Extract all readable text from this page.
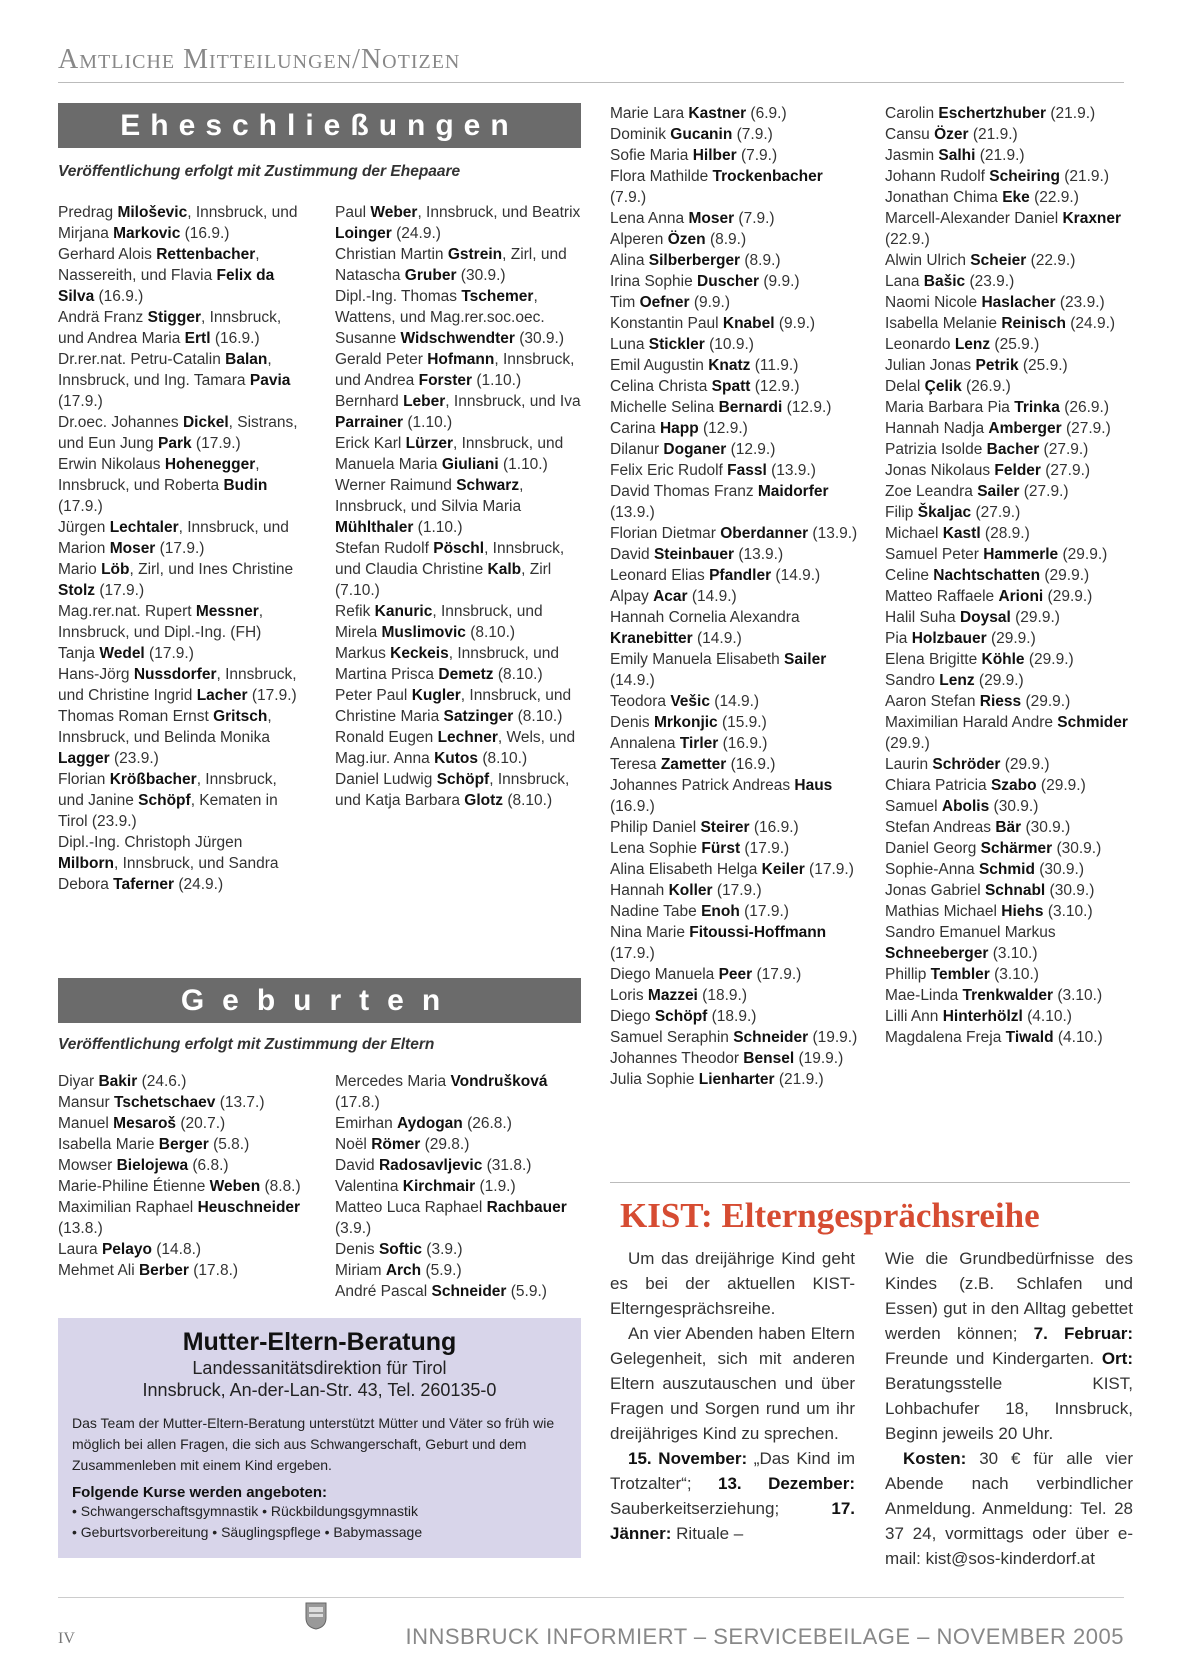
Amtliche Mitteilungen/Notizen
Eheschließungen
Veröffentlichung erfolgt mit Zustimmung der Ehepaare

Predrag Miloševic, Innsbruck, und Mirjana Markovic (16.9.)

Gerhard Alois Rettenbacher, Nassereith, und Flavia Felix da Silva (16.9.)

Andrä Franz Stigger, Innsbruck, und Andrea Maria Ertl (16.9.)

Dr.rer.nat. Petru-Catalin Balan, Innsbruck, und Ing. Tamara Pavia (17.9.)

Dr.oec. Johannes Dickel, Sistrans, und Eun Jung Park (17.9.)

Erwin Nikolaus Hohenegger, Innsbruck, und Roberta Budin (17.9.)

Jürgen Lechtaler, Innsbruck, und Marion Moser (17.9.)

Mario Löb, Zirl, und Ines Christine Stolz (17.9.)

Mag.rer.nat. Rupert Messner, Innsbruck, und Dipl.-Ing. (FH) Tanja Wedel (17.9.)

Hans-Jörg Nussdorfer, Innsbruck, und Christine Ingrid Lacher (17.9.)

Thomas Roman Ernst Gritsch, Innsbruck, und Belinda Monika Lagger (23.9.)

Florian Krößbacher, Innsbruck, und Janine Schöpf, Kematen in Tirol (23.9.)

Dipl.-Ing. Christoph Jürgen Milborn, Innsbruck, und Sandra Debora Taferner (24.9.)

Paul Weber, Innsbruck, und Beatrix Loinger (24.9.)

Christian Martin Gstrein, Zirl, und Natascha Gruber (30.9.)

Dipl.-Ing. Thomas Tschemer, Wattens, und Mag.rer.soc.oec. Susanne Widschwendter (30.9.)

Gerald Peter Hofmann, Innsbruck, und Andrea Forster (1.10.)

Bernhard Leber, Innsbruck, und Iva Parrainer (1.10.)

Erick Karl Lürzer, Innsbruck, und Manuela Maria Giuliani (1.10.)

Werner Raimund Schwarz, Innsbruck, und Silvia Maria Mühlthaler (1.10.)

Stefan Rudolf Pöschl, Innsbruck, und Claudia Christine Kalb, Zirl (7.10.)

Refik Kanuric, Innsbruck, und Mirela Muslimovic (8.10.)

Markus Keckeis, Innsbruck, und Martina Prisca Demetz (8.10.)

Peter Paul Kugler, Innsbruck, und Christine Maria Satzinger (8.10.)

Ronald Eugen Lechner, Wels, und Mag.iur. Anna Kutos (8.10.)

Daniel Ludwig Schöpf, Innsbruck, und Katja Barbara Glotz (8.10.)

Geburten
Veröffentlichung erfolgt mit Zustimmung der Eltern

Diyar Bakir (24.6.)

Mansur Tschetschaev (13.7.)

Manuel Mesaroš (20.7.)

Isabella Marie Berger (5.8.)

Mowser Bielojewa (6.8.)

Marie-Philine Étienne Weben (8.8.)

Maximilian Raphael Heuschneider (13.8.)

Laura Pelayo (14.8.)

Mehmet Ali Berber (17.8.)

Mercedes Maria Vondrušková (17.8.)

Emirhan Aydogan (26.8.)

Noël Römer (29.8.)

David Radosavljevic (31.8.)

Valentina Kirchmair (1.9.)

Matteo Luca Raphael Rachbauer (3.9.)

Denis Softic (3.9.)

Miriam Arch (5.9.)

André Pascal Schneider (5.9.)

Marie Lara Kastner (6.9.)

Dominik Gucanin (7.9.)

Sofie Maria Hilber (7.9.)

Flora Mathilde Trockenbacher (7.9.)

Lena Anna Moser (7.9.)

Alperen Özen (8.9.)

Alina Silberberger (8.9.)

Irina Sophie Duscher (9.9.)

Tim Oefner (9.9.)

Konstantin Paul Knabel (9.9.)

Luna Stickler (10.9.)

Emil Augustin Knatz (11.9.)

Celina Christa Spatt (12.9.)

Michelle Selina Bernardi (12.9.)

Carina Happ (12.9.)

Dilanur Doganer (12.9.)

Felix Eric Rudolf Fassl (13.9.)

David Thomas Franz Maidorfer (13.9.)

Florian Dietmar Oberdanner (13.9.)

David Steinbauer (13.9.)

Leonard Elias Pfandler (14.9.)

Alpay Acar (14.9.)

Hannah Cornelia Alexandra Kranebitter (14.9.)

Emily Manuela Elisabeth Sailer (14.9.)

Teodora Vešic (14.9.)

Denis Mrkonjic (15.9.)

Annalena Tirler (16.9.)

Teresa Zametter (16.9.)

Johannes Patrick Andreas Haus (16.9.)

Philip Daniel Steirer (16.9.)

Lena Sophie Fürst (17.9.)

Alina Elisabeth Helga Keiler (17.9.)

Hannah Koller (17.9.)

Nadine Tabe Enoh (17.9.)

Nina Marie Fitoussi-Hoffmann (17.9.)

Diego Manuela Peer (17.9.)

Loris Mazzei (18.9.)

Diego Schöpf (18.9.)

Samuel Seraphin Schneider (19.9.)

Johannes Theodor Bensel (19.9.)

Julia Sophie Lienharter (21.9.)

Carolin Eschertzhuber (21.9.)

Cansu Özer (21.9.)

Jasmin Salhi (21.9.)

Johann Rudolf Scheiring (21.9.)

Jonathan Chima Eke (22.9.)

Marcell-Alexander Daniel Kraxner (22.9.)

Alwin Ulrich Scheier (22.9.)

Lana Bašic (23.9.)

Naomi Nicole Haslacher (23.9.)

Isabella Melanie Reinisch (24.9.)

Leonardo Lenz (25.9.)

Julian Jonas Petrik (25.9.)

Delal Çelik (26.9.)

Maria Barbara Pia Trinka (26.9.)

Hannah Nadja Amberger (27.9.)

Patrizia Isolde Bacher (27.9.)

Jonas Nikolaus Felder (27.9.)

Zoe Leandra Sailer (27.9.)

Filip Škaljac (27.9.)

Michael Kastl (28.9.)

Samuel Peter Hammerle (29.9.)

Celine Nachtschatten (29.9.)

Matteo Raffaele Arioni (29.9.)

Halil Suha Doysal (29.9.)

Pia Holzbauer (29.9.)

Elena Brigitte Köhle (29.9.)

Sandro Lenz (29.9.)

Aaron Stefan Riess (29.9.)

Maximilian Harald Andre Schmider (29.9.)

Laurin Schröder (29.9.)

Chiara Patricia Szabo (29.9.)

Samuel Abolis (30.9.)

Stefan Andreas Bär (30.9.)

Daniel Georg Schärmer (30.9.)

Sophie-Anna Schmid (30.9.)

Jonas Gabriel Schnabl (30.9.)

Mathias Michael Hiehs (3.10.)

Sandro Emanuel Markus Schneeberger (3.10.)

Phillip Tembler (3.10.)

Mae-Linda Trenkwalder (3.10.)

Lilli Ann Hinterhölzl (4.10.)

Magdalena Freja Tiwald (4.10.)

Mutter-Eltern-Beratung
Landessanitätsdirektion für Tirol
Innsbruck, An-der-Lan-Str. 43, Tel. 260135-0
Das Team der Mutter-Eltern-Beratung unterstützt Mütter und Väter so früh wie möglich bei allen Fragen, die sich aus Schwangerschaft, Geburt und dem Zusammenleben mit einem Kind ergeben.
Folgende Kurse werden angeboten:
• Schwangerschaftsgymnastik • Rückbildungsgymnastik
• Geburtsvorbereitung • Säuglingspflege • Babymassage
KIST: Elterngesprächsreihe

Um das dreijährige Kind geht es bei der aktuellen KIST-Elterngesprächsreihe.

An vier Abenden haben Eltern Gelegenheit, sich mit anderen Eltern auszutauschen und über Fragen und Sorgen rund um ihr dreijähriges Kind zu sprechen.

15. November: „Das Kind im Trotzalter“; 13. Dezember: Sauberkeitserziehung; 17. Jänner: Rituale –

Wie die Grundbedürfnisse des Kindes (z.B. Schlafen und Essen) gut in den Alltag gebettet werden können; 7. Februar: Freunde und Kindergarten. Ort: Beratungsstelle KIST, Lohbachufer 18, Innsbruck, Beginn jeweils 20 Uhr.

Kosten: 30 € für alle vier Abende nach verbindlicher Anmeldung. Anmeldung: Tel. 28 37 24, vormittags oder über e-mail: kist@sos-kinderdorf.at

IV	INNSBRUCK INFORMIERT – SERVICEBEILAGE – NOVEMBER 2005
